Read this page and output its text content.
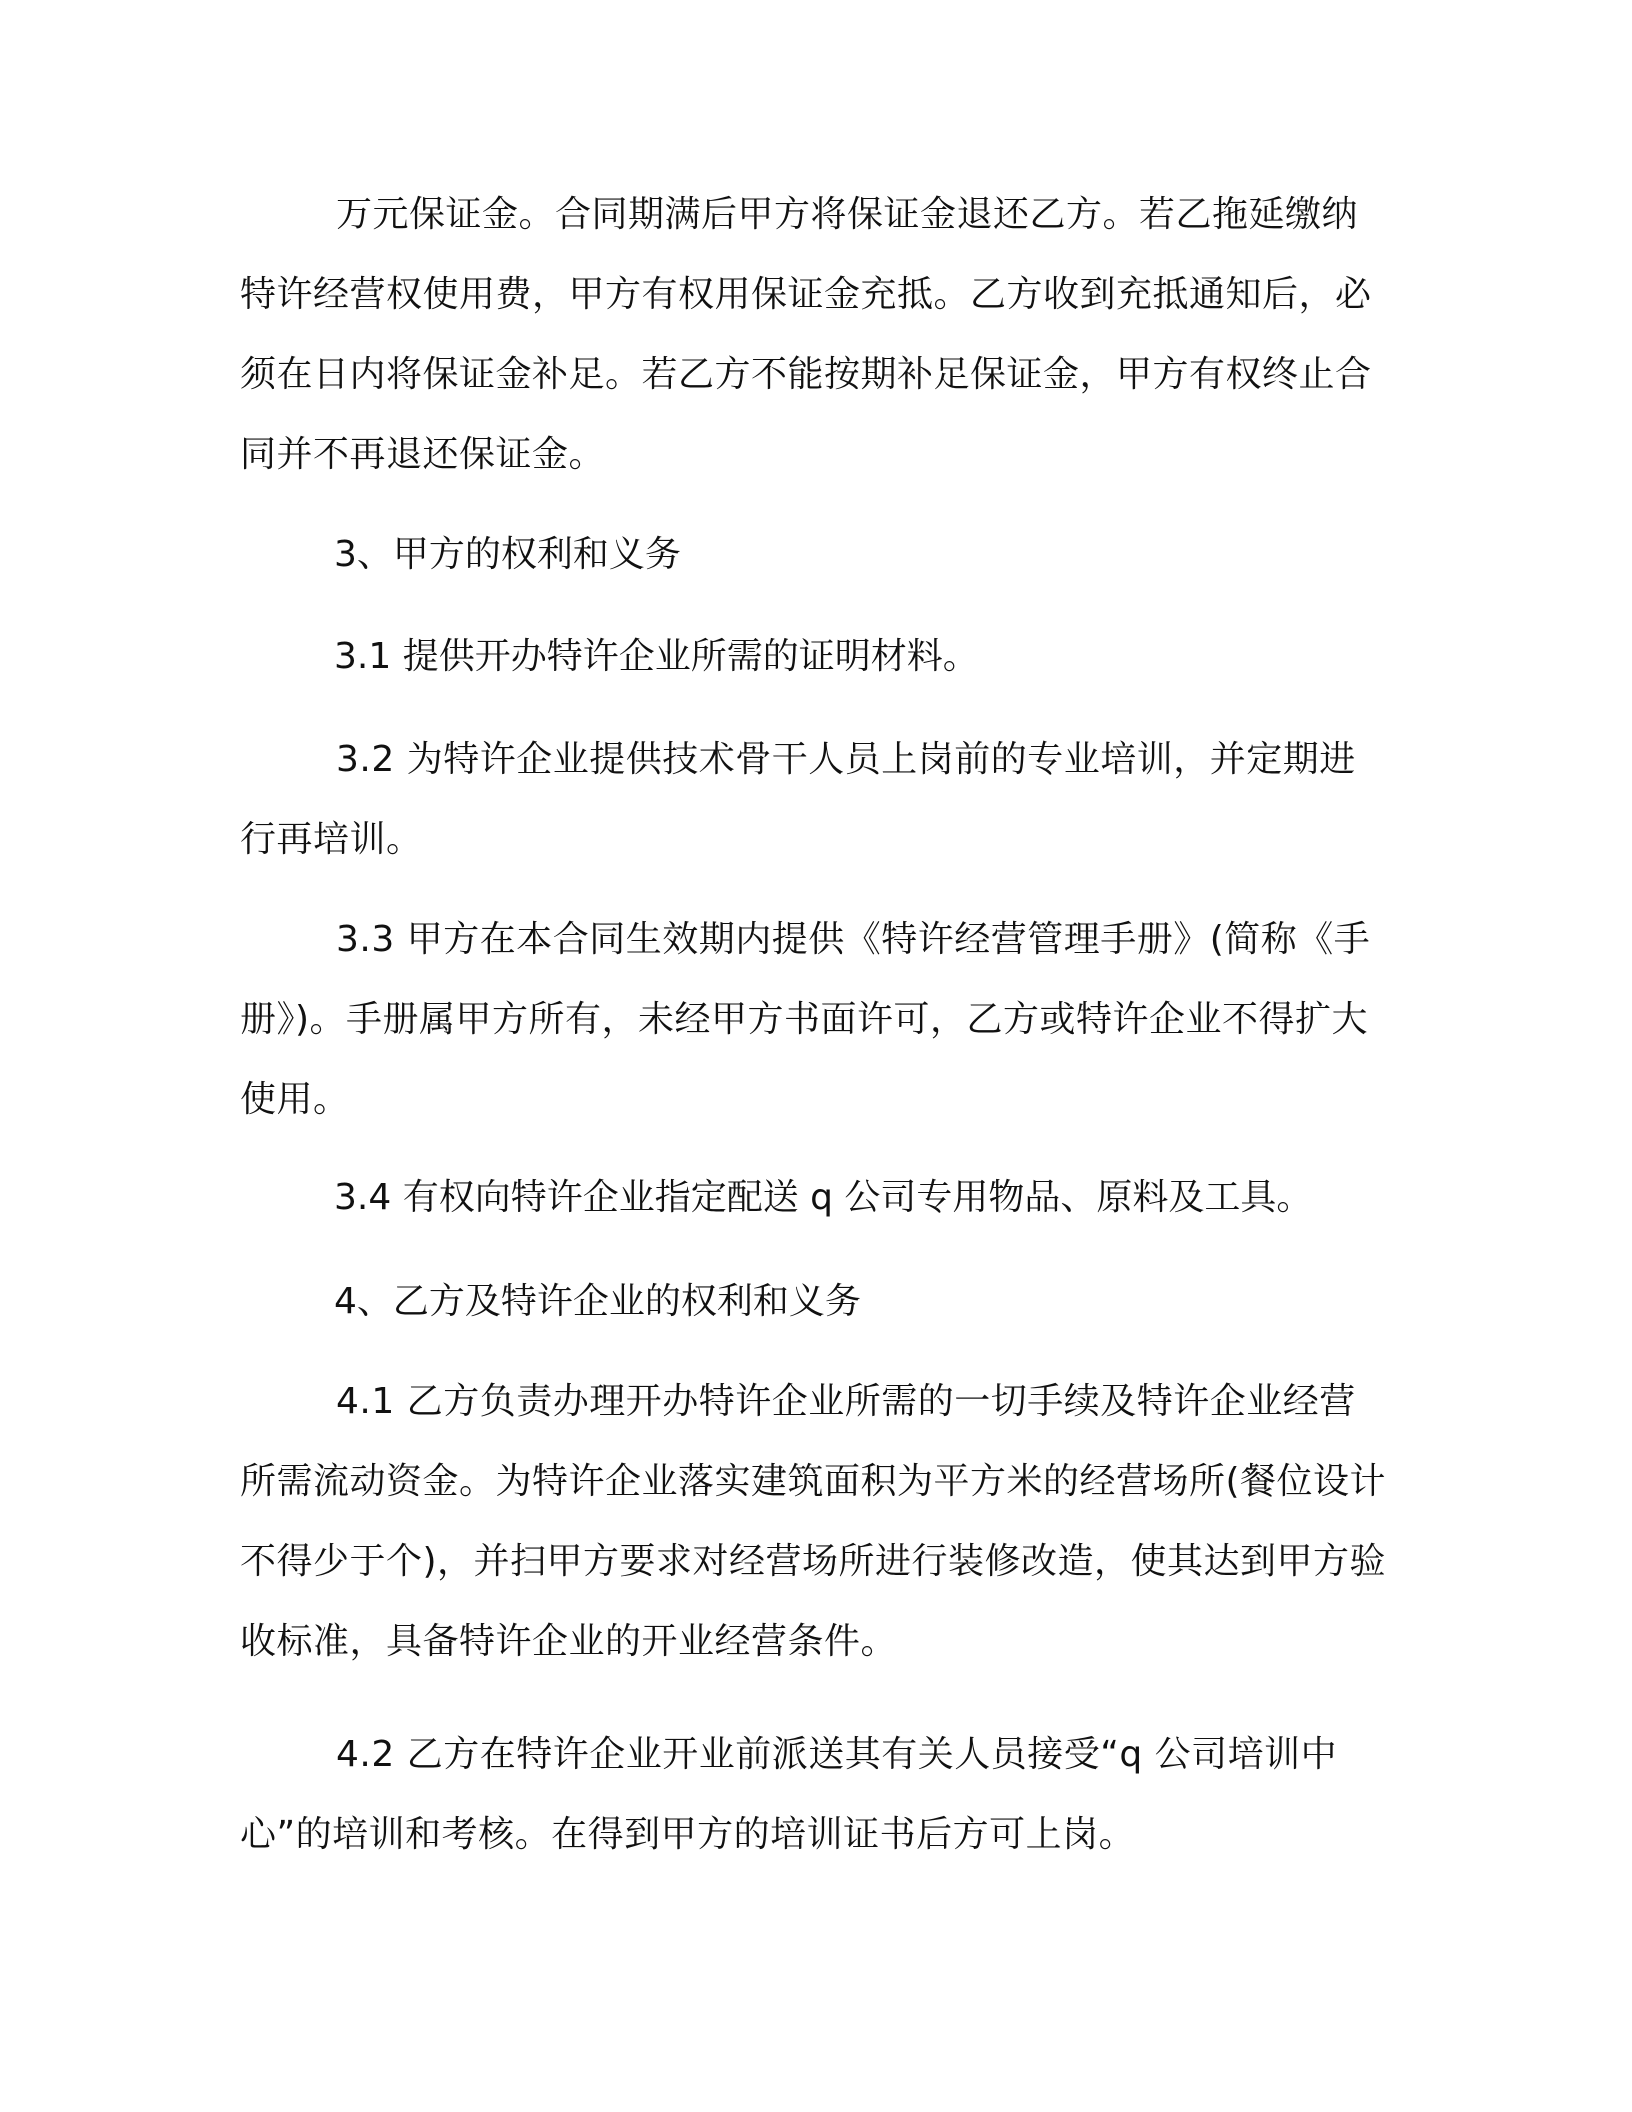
万元保证金。合同期满后甲方将保证金退还乙方。若乙拖延缴纳特许经营权使用费，甲方有权用保证金充抵。乙方收到充抵通知后，必须在日内将保证金补足。若乙方不能按期补足保证金，甲方有权终止合同并不再退还保证金。
3、甲方的权利和义务
3.1 提供开办特许企业所需的证明材料。
3.2 为特许企业提供技术骨干人员上岗前的专业培训，并定期进行再培训。
3.3 甲方在本合同生效期内提供《特许经营管理手册》(简称《手册》)。手册属甲方所有，未经甲方书面许可，乙方或特许企业不得扩大使用。
3.4 有权向特许企业指定配送 q 公司专用物品、原料及工具。
4、乙方及特许企业的权利和义务
4.1 乙方负责办理开办特许企业所需的一切手续及特许企业经营所需流动资金。为特许企业落实建筑面积为平方米的经营场所(餐位设计不得少于个)，并扫甲方要求对经营场所进行装修改造，使其达到甲方验收标准，具备特许企业的开业经营条件。
4.2 乙方在特许企业开业前派送其有关人员接受“q 公司培训中心”的培训和考核。在得到甲方的培训证书后方可上岗。
